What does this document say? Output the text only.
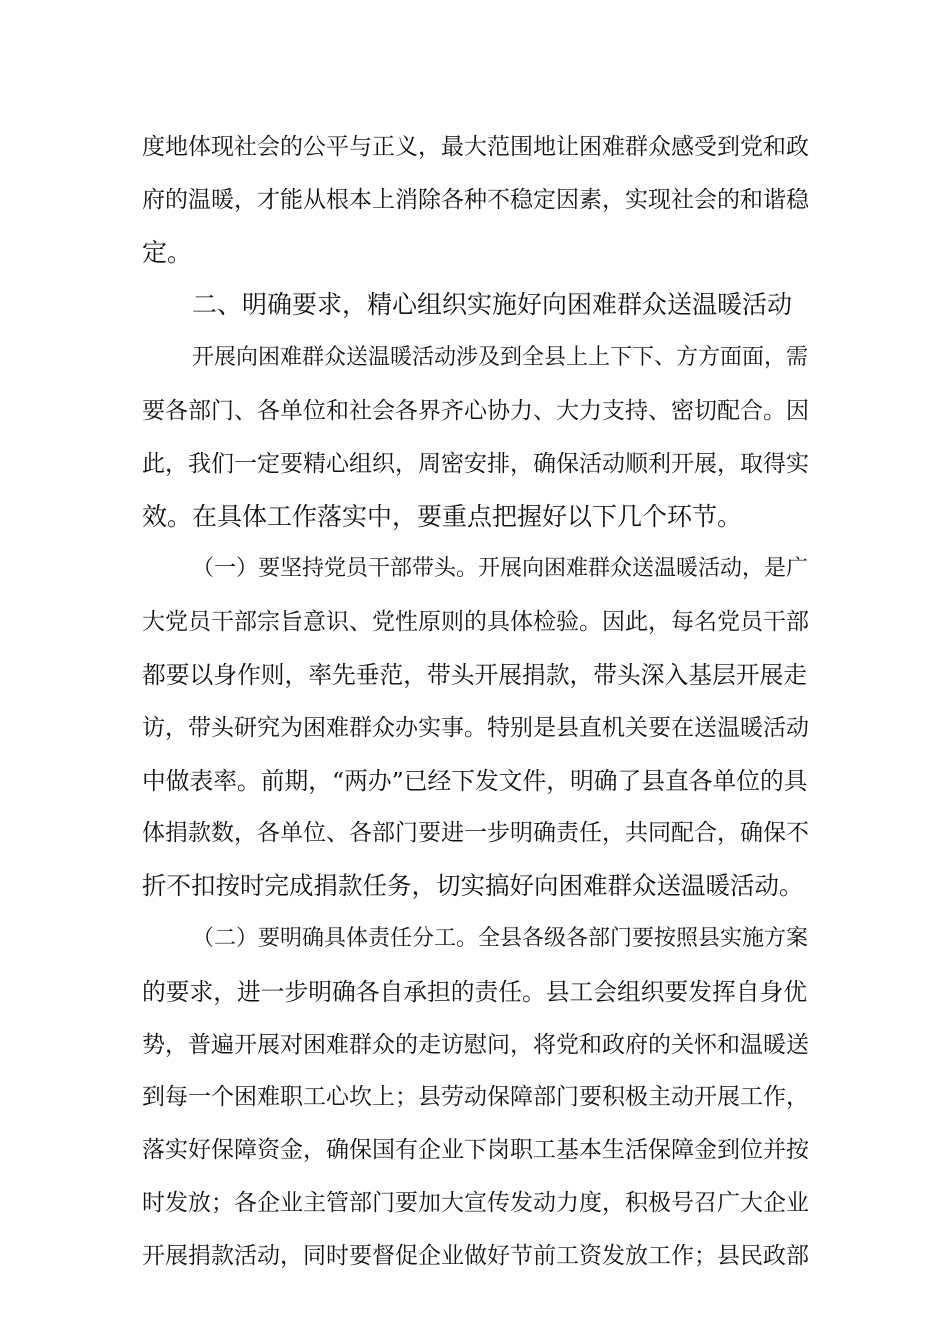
度地体现社会的公平与正义，最大范围地让困难群众感受到党和政
府的温暖，才能从根本上消除各种不稳定因素，实现社会的和谐稳
定。
二、明确要求，精心组织实施好向困难群众送温暖活动
开展向困难群众送温暖活动涉及到全县上上下下、方方面面，需
要各部门、各单位和社会各界齐心协力、大力支持、密切配合。因
此，我们一定要精心组织，周密安排，确保活动顺利开展，取得实
效。在具体工作落实中，要重点把握好以下几个环节。
（一）要坚持党员干部带头。开展向困难群众送温暖活动，是广
大党员干部宗旨意识、党性原则的具体检验。因此，每名党员干部
都要以身作则，率先垂范，带头开展捐款，带头深入基层开展走
访，带头研究为困难群众办实事。特别是县直机关要在送温暖活动
中做表率。前期，“两办”已经下发文件，明确了县直各单位的具
体捐款数，各单位、各部门要进一步明确责任，共同配合，确保不
折不扣按时完成捐款任务，切实搞好向困难群众送温暖活动。
（二）要明确具体责任分工。全县各级各部门要按照县实施方案
的要求，进一步明确各自承担的责任。县工会组织要发挥自身优
势，普遍开展对困难群众的走访慰问，将党和政府的关怀和温暖送
到每一个困难职工心坎上；县劳动保障部门要积极主动开展工作，
落实好保障资金，确保国有企业下岗职工基本生活保障金到位并按
时发放；各企业主管部门要加大宣传发动力度，积极号召广大企业
开展捐款活动，同时要督促企业做好节前工资发放工作；县民政部
